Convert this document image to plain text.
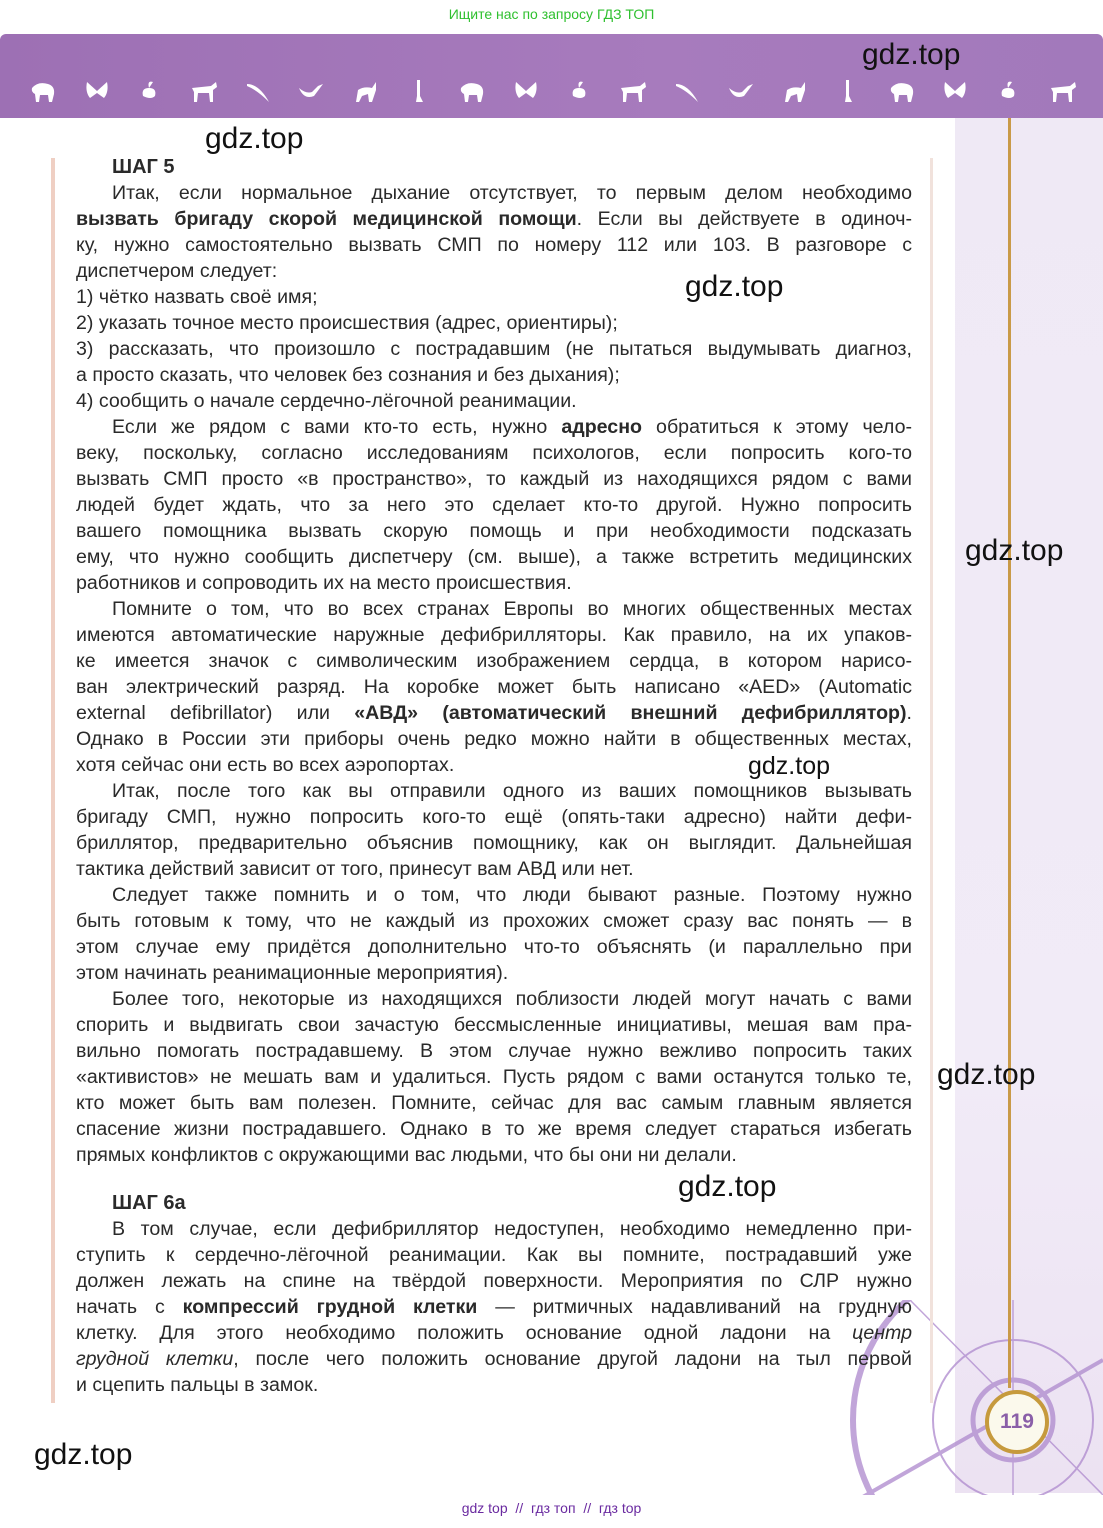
Ищите нас по запросу ГДЗ ТОП
ШАГ 5
Итак, если нормальное дыхание отсутствует, то первым делом необходимо
вызвать бригаду скорой медицинской помощи. Если вы действуете в одиноч-
ку, нужно самостоятельно вызвать СМП по номеру 112 или 103. В разговоре с
диспетчером следует:
1) чётко назвать своё имя;
2) указать точное место происшествия (адрес, ориентиры);
3) рассказать, что произошло с пострадавшим (не пытаться выдумывать диагноз,
а просто сказать, что человек без сознания и без дыхания);
4) сообщить о начале сердечно-лёгочной реанимации.
Если же рядом с вами кто-то есть, нужно адресно обратиться к этому чело-
веку, поскольку, согласно исследованиям психологов, если попросить кого-то
вызвать СМП просто «в пространство», то каждый из находящихся рядом с вами
людей будет ждать, что за него это сделает кто-то другой. Нужно попросить
вашего помощника вызвать скорую помощь и при необходимости подсказать
ему, что нужно сообщить диспетчеру (см. выше), а также встретить медицинских
работников и сопроводить их на место происшествия.
Помните о том, что во всех странах Европы во многих общественных местах
имеются автоматические наружные дефибрилляторы. Как правило, на их упаков-
ке имеется значок с символическим изображением сердца, в котором нарисо-
ван электрический разряд. На коробке может быть написано «AED» (Automatic
external defibrillator) или «АВД» (автоматический внешний дефибриллятор).
Однако в России эти приборы очень редко можно найти в общественных местах,
хотя сейчас они есть во всех аэропортах.
Итак, после того как вы отправили одного из ваших помощников вызывать
бригаду СМП, нужно попросить кого-то ещё (опять-таки адресно) найти дефи-
бриллятор, предварительно объяснив помощнику, как он выглядит. Дальнейшая
тактика действий зависит от того, принесут вам АВД или нет.
Следует также помнить и о том, что люди бывают разные. Поэтому нужно
быть готовым к тому, что не каждый из прохожих сможет сразу вас понять — в
этом случае ему придётся дополнительно что-то объяснять (и параллельно при
этом начинать реанимационные мероприятия).
Более того, некоторые из находящихся поблизости людей могут начать с вами
спорить и выдвигать свои зачастую бессмысленные инициативы, мешая вам пра-
вильно помогать пострадавшему. В этом случае нужно вежливо попросить таких
«активистов» не мешать вам и удалиться. Пусть рядом с вами останутся только те,
кто может быть вам полезен. Помните, сейчас для вас самым главным является
спасение жизни пострадавшего. Однако в то же время следует стараться избегать
прямых конфликтов с окружающими вас людьми, что бы они ни делали.
ШАГ 6а
В том случае, если дефибриллятор недоступен, необходимо немедленно при-
ступить к сердечно-лёгочной реанимации. Как вы помните, пострадавший уже
должен лежать на спине на твёрдой поверхности. Мероприятия по СЛР нужно
начать с компрессий грудной клетки — ритмичных надавливаний на грудную
клетку. Для этого необходимо положить основание одной ладони на центр
грудной клетки, после чего положить основание другой ладони на тыл первой
и сцепить пальцы в замок.
gdz.top
gdz.top
gdz.top
gdz.top
gdz.top
gdz.top
gdz.top
gdz.top
119
gdz top // гдз топ // гдз top
